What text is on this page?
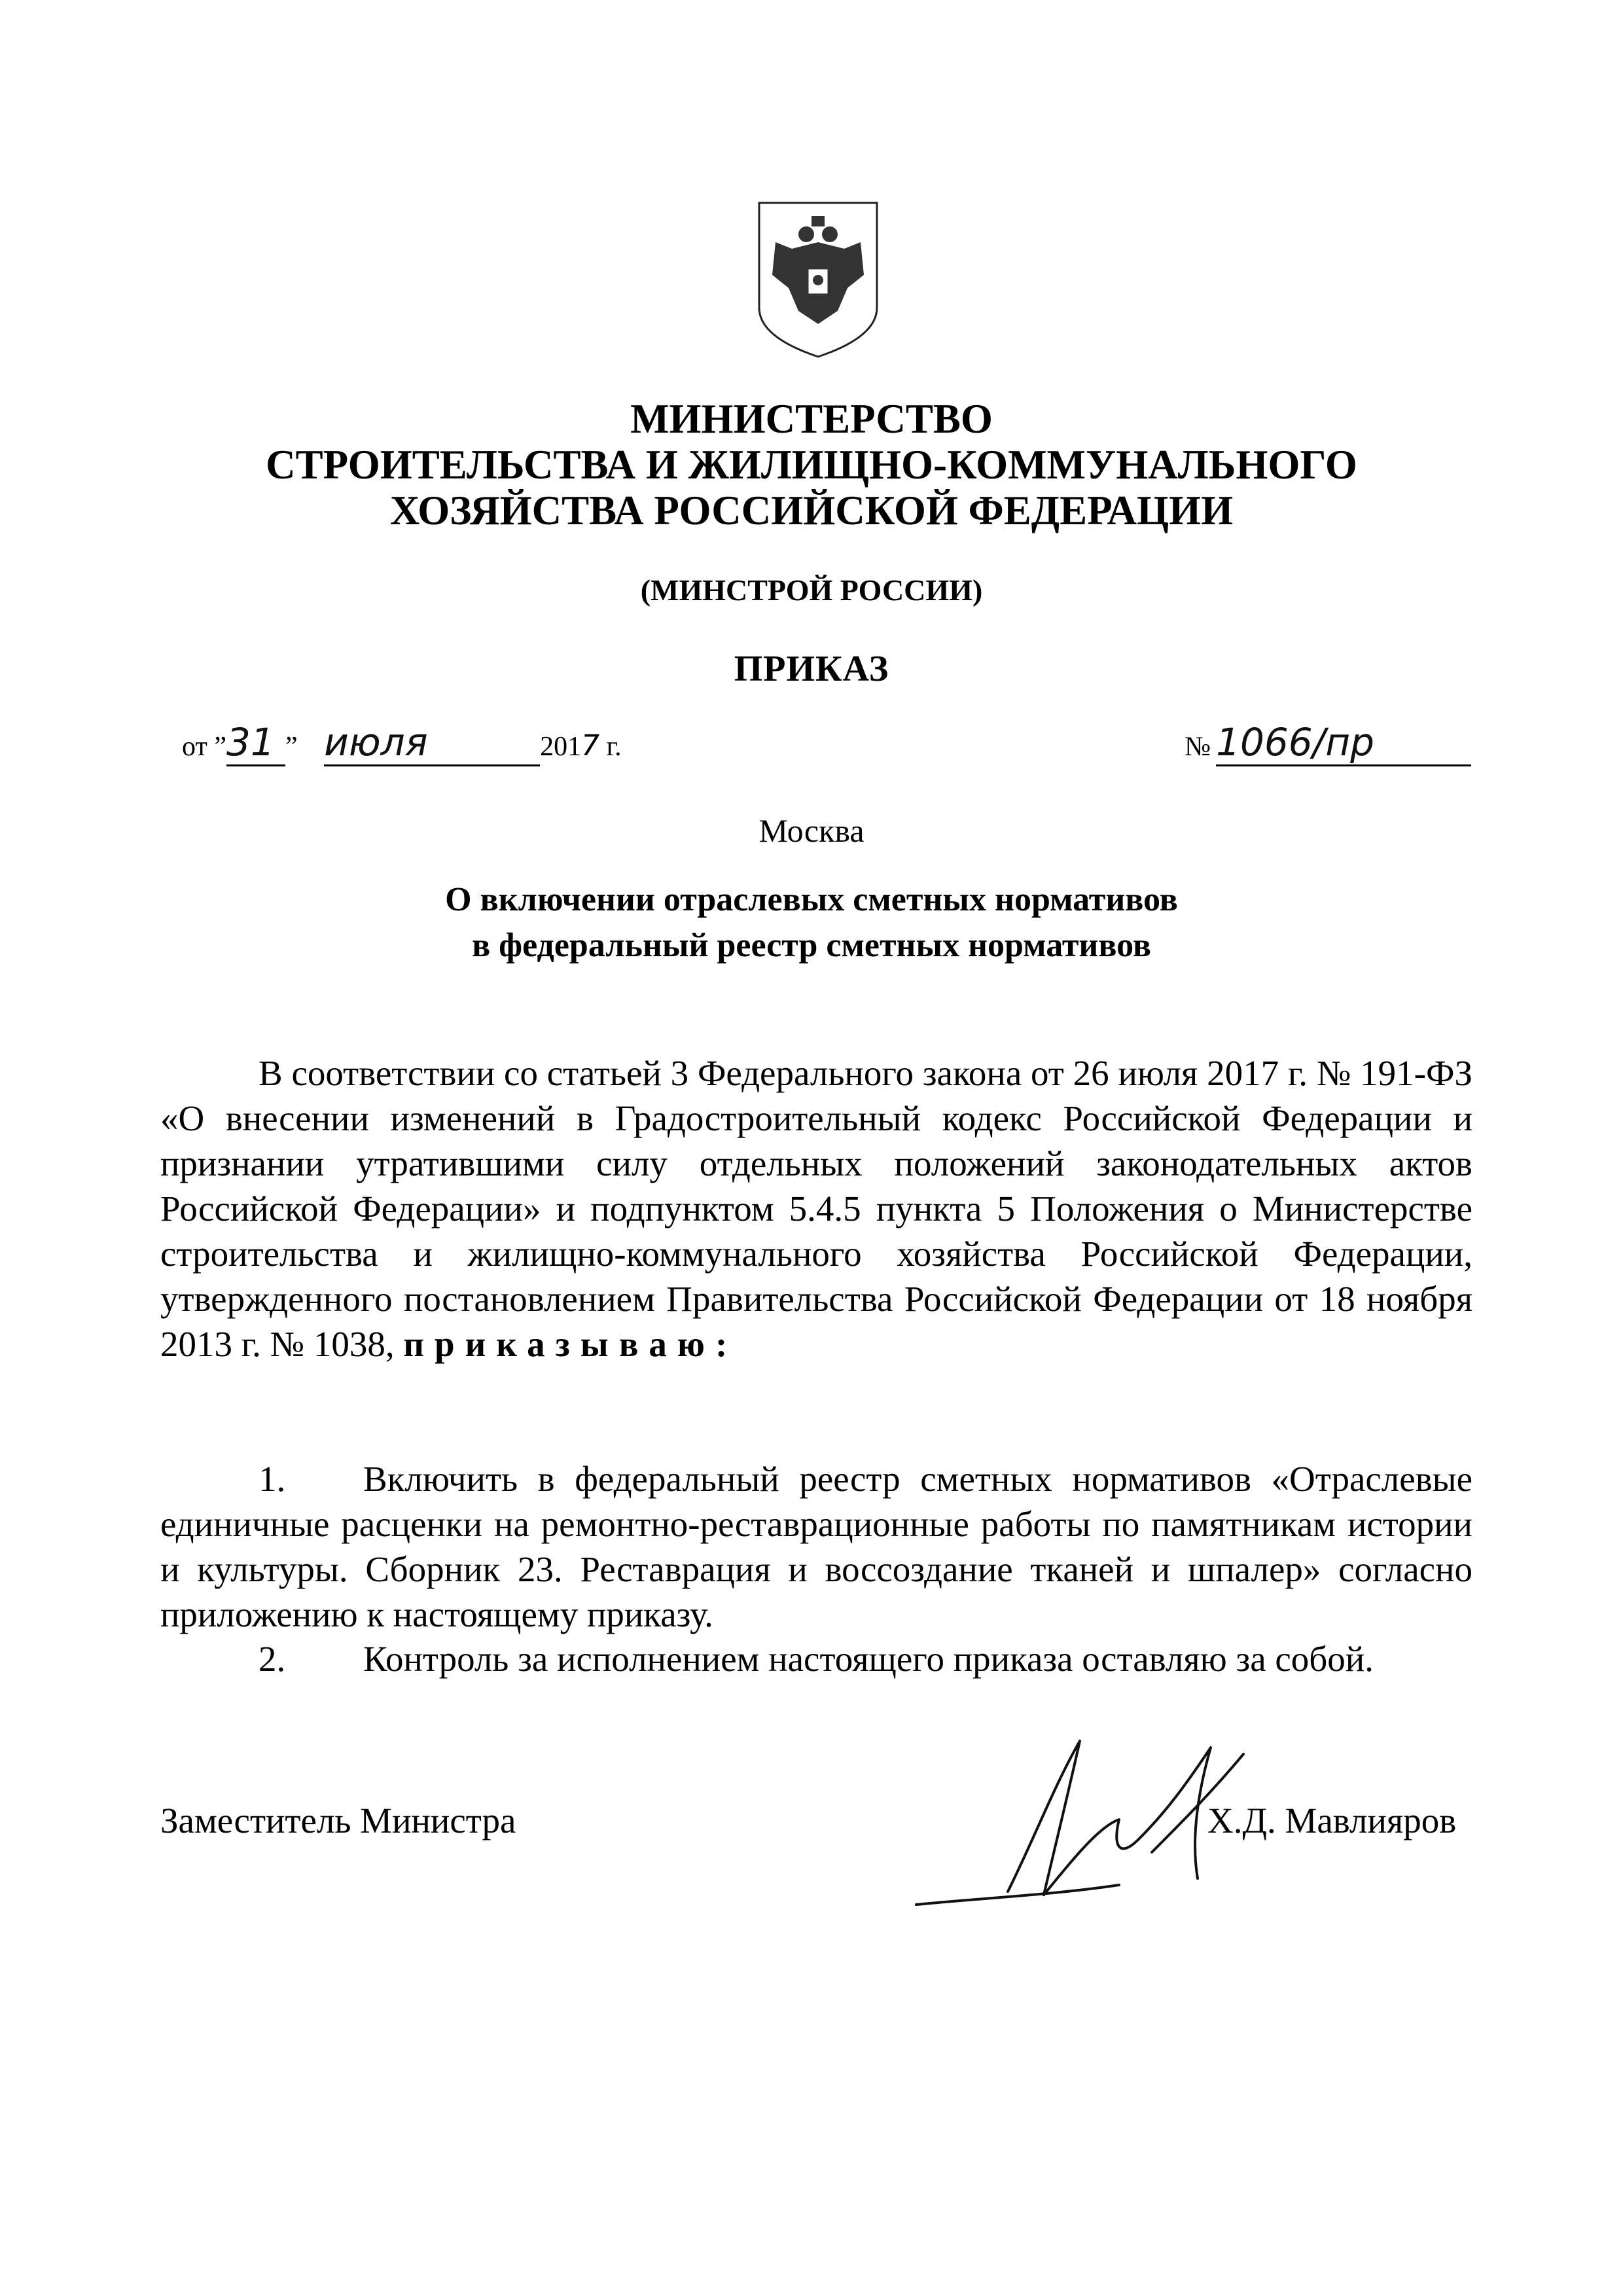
МИНИСТЕРСТВО
СТРОИТЕЛЬСТВА И ЖИЛИЩНО-КОММУНАЛЬНОГО
ХОЗЯЙСТВА РОССИЙСКОЙ ФЕДЕРАЦИИ
(МИНСТРОЙ РОССИИ)
ПРИКАЗ
от ”31 ” июля	2017 г.	№ 1066/пр
Москва
О включении отраслевых сметных нормативов
в федеральный реестр сметных нормативов

В соответствии со статьей 3 Федерального закона от 26 июля 2017 г. № 191-ФЗ «О внесении изменений в Градостроительный кодекс Российской Федерации и признании утратившими силу отдельных положений законодательных актов Российской Федерации» и подпунктом 5.4.5 пункта 5 Положения о Министерстве строительства и жилищно-коммунального хозяйства Российской Федерации, утвержденного постановлением Правительства Российской Федерации от 18 ноября 2013 г. № 1038, приказываю:

1. Включить в федеральный реестр сметных нормативов «Отраслевые единичные расценки на ремонтно-реставрационные работы по памятникам истории и культуры. Сборник 23. Реставрация и воссоздание тканей и шпалер» согласно приложению к настоящему приказу.

2. Контроль за исполнением настоящего приказа оставляю за собой.

Заместитель Министра	Х.Д. Мавлияров
